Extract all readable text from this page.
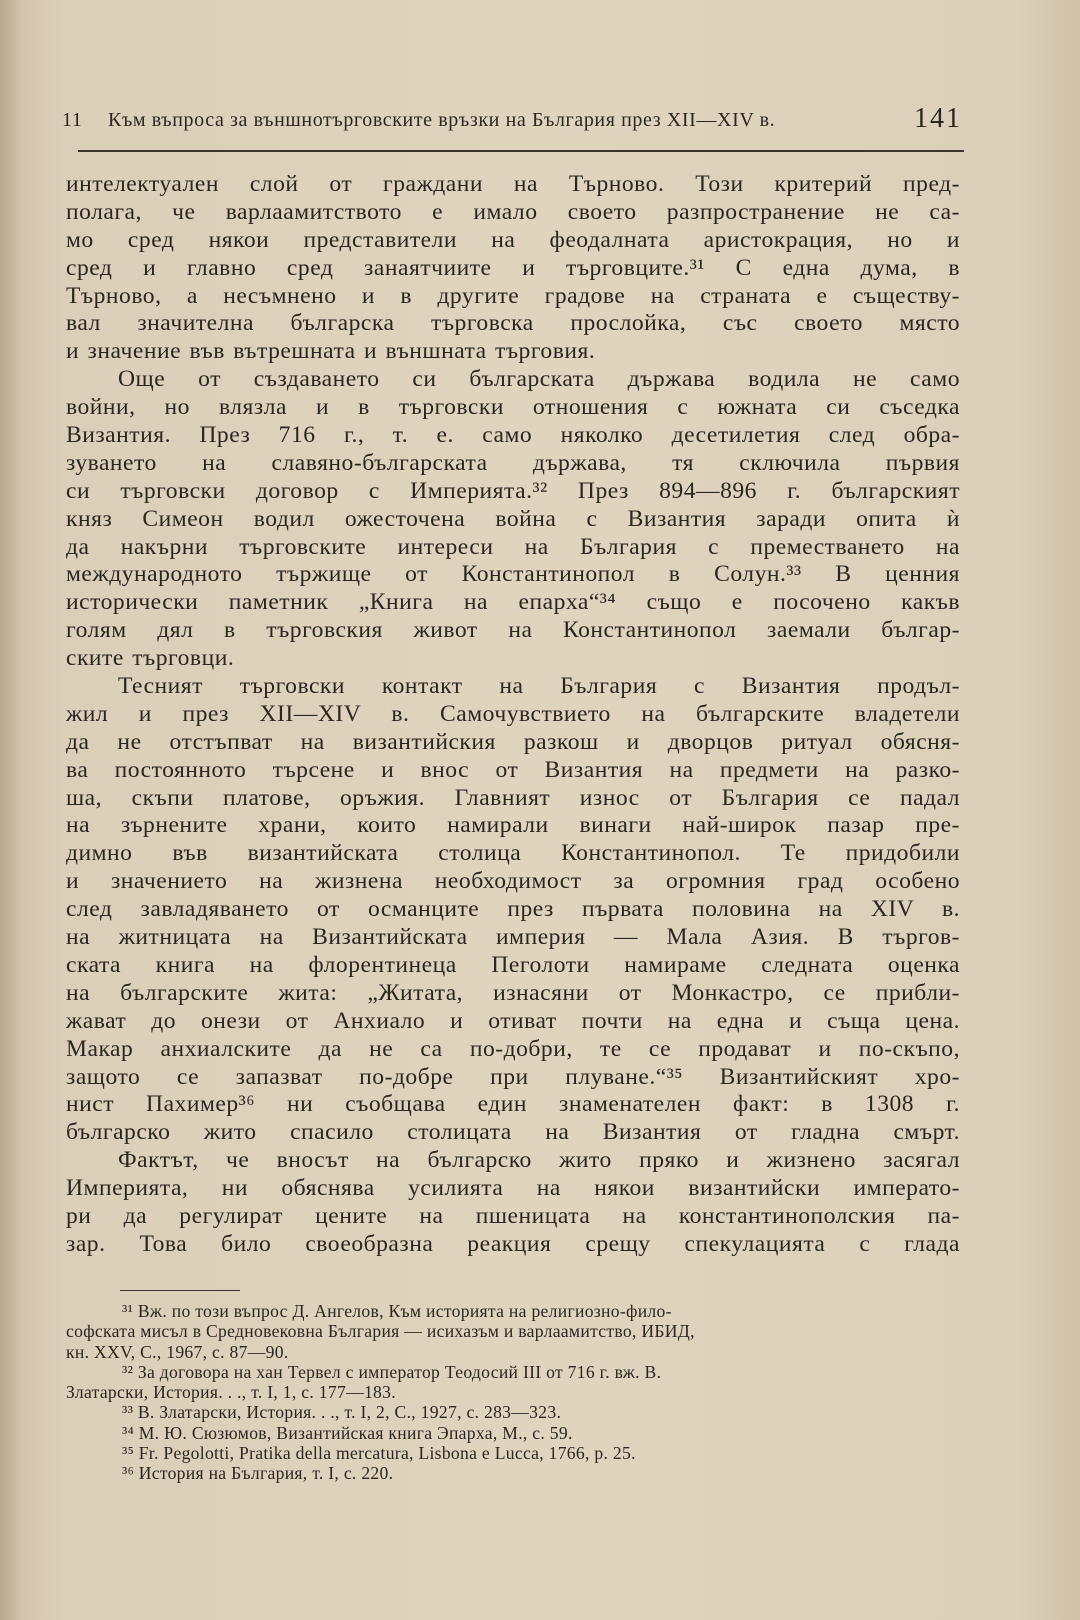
11 Към въпроса за външнотърговските връзки на България през XII—XIV в.	141
интелектуален слой от граждани на Търново. Този критерий пред-
полага, че варлаамитството е имало своето разпространение не са-
мо сред някои представители на феодалната аристокрация, но и
сред и главно сред занаятчиите и търговците.³¹ С една дума, в
Търново, а несъмнено и в другите градове на страната е съществу-
вал значителна българска търговска прослойка, със своето място
и значение във вътрешната и външната търговия.
Още от създаването си българската държава водила не само
войни, но влязла и в търговски отношения с южната си съседка
Византия. През 716 г., т. е. само няколко десетилетия след обра-
зуването на славяно-българската държава, тя сключила първия
си търговски договор с Империята.³² През 894—896 г. българският
княз Симеон водил ожесточена война с Византия заради опита ѝ
да накърни търговските интереси на България с преместването на
международното тържище от Константинопол в Солун.³³ В ценния
исторически паметник „Книга на епарха“³⁴ също е посочено какъв
голям дял в търговския живот на Константинопол заемали българ-
ските търговци.
Тесният търговски контакт на България с Византия продъл-
жил и през XII—XIV в. Самочувствието на българските владетели
да не отстъпват на византийския разкош и дворцов ритуал обясня-
ва постоянното търсене и внос от Византия на предмети на разко-
ша, скъпи платове, оръжия. Главният износ от България се падал
на зърнените храни, които намирали винаги най-широк пазар пре-
димно във византийската столица Константинопол. Те придобили
и значението на жизнена необходимост за огромния град особено
след завладяването от османците през първата половина на XIV в.
на житницата на Византийската империя — Мала Азия. В търгов-
ската книга на флорентинеца Пеголоти намираме следната оценка
на българските жита: „Житата, изнасяни от Монкастро, се прибли-
жават до онези от Анхиало и отиват почти на една и съща цена.
Макар анхиалските да не са по-добри, те се продават и по-скъпо,
защото се запазват по-добре при плуване.“³⁵ Византийският хро-
нист Пахимер³⁶ ни съобщава един знаменателен факт: в 1308 г.
българско жито спасило столицата на Византия от гладна смърт.
Фактът, че вносът на българско жито пряко и жизнено засягал
Империята, ни обяснява усилията на някои византийски императо-
ри да регулират цените на пшеницата на константинополския па-
зар. Това било своеобразна реакция срещу спекулацията с глада
³¹ Вж. по този въпрос Д. Ангелов, Към историята на религиозно-фило-
софската мисъл в Средновековна България — исихазъм и варлаамитство, ИБИД,
кн. XXV, С., 1967, с. 87—90.
³² За договора на хан Тервел с император Теодосий III от 716 г. вж. В.
Златарски, История. . ., т. I, 1, с. 177—183.
³³ В. Златарски, История. . ., т. I, 2, С., 1927, с. 283—323.
³⁴ М. Ю. Сюзюмов, Византийская книга Эпарха, М., с. 59.
³⁵ Fr. Pegolotti, Pratika della mercatura, Lisbona e Lucca, 1766, p. 25.
³⁶ История на България, т. I, с. 220.
